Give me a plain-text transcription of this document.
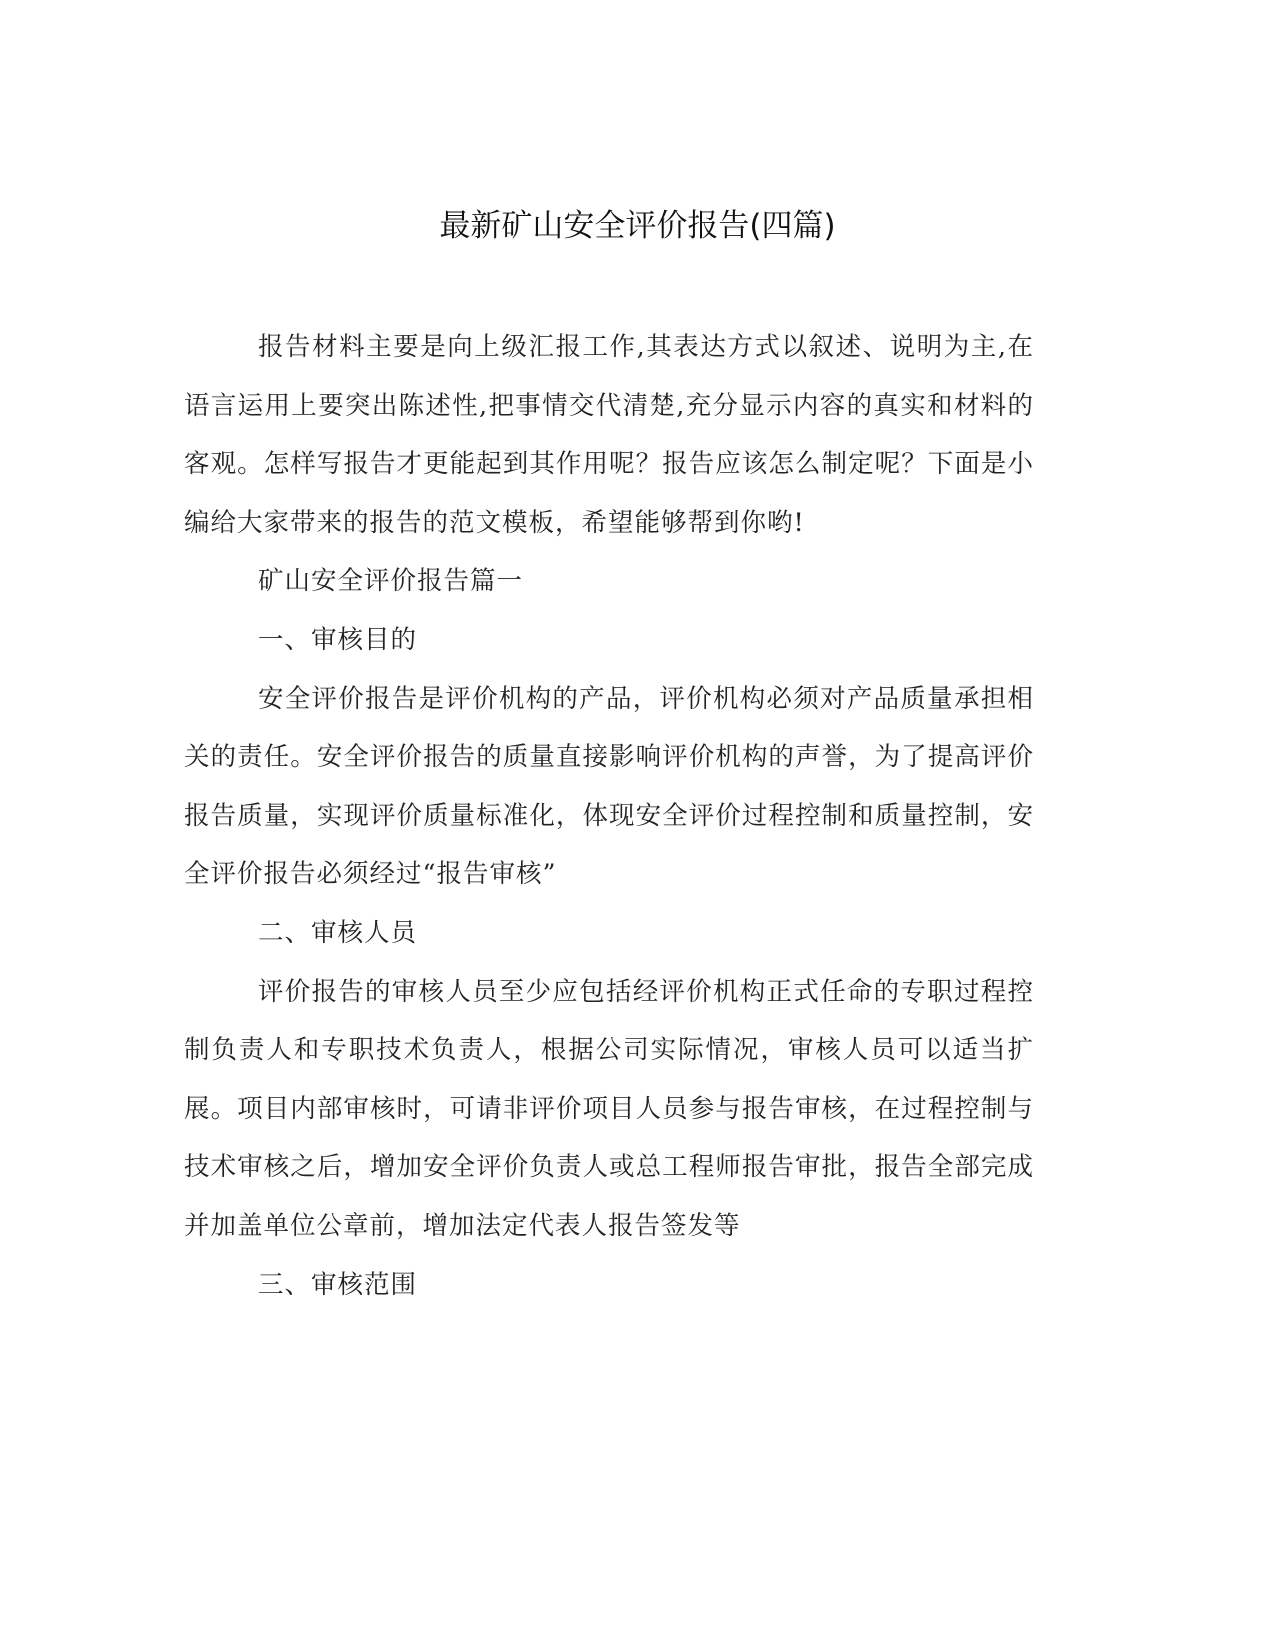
最新矿山安全评价报告(四篇)

报告材料主要是向上级汇报工作,其表达方式以叙述、说明为主,在语言运用上要突出陈述性,把事情交代清楚,充分显示内容的真实和材料的客观。怎样写报告才更能起到其作用呢？报告应该怎么制定呢？下面是小编给大家带来的报告的范文模板，希望能够帮到你哟!

矿山安全评价报告篇一

一、审核目的

安全评价报告是评价机构的产品，评价机构必须对产品质量承担相关的责任。安全评价报告的质量直接影响评价机构的声誉，为了提高评价报告质量，实现评价质量标准化，体现安全评价过程控制和质量控制，安全评价报告必须经过“报告审核”

二、审核人员

评价报告的审核人员至少应包括经评价机构正式任命的专职过程控制负责人和专职技术负责人，根据公司实际情况，审核人员可以适当扩展。项目内部审核时，可请非评价项目人员参与报告审核，在过程控制与技术审核之后，增加安全评价负责人或总工程师报告审批，报告全部完成并加盖单位公章前，增加法定代表人报告签发等

三、审核范围
